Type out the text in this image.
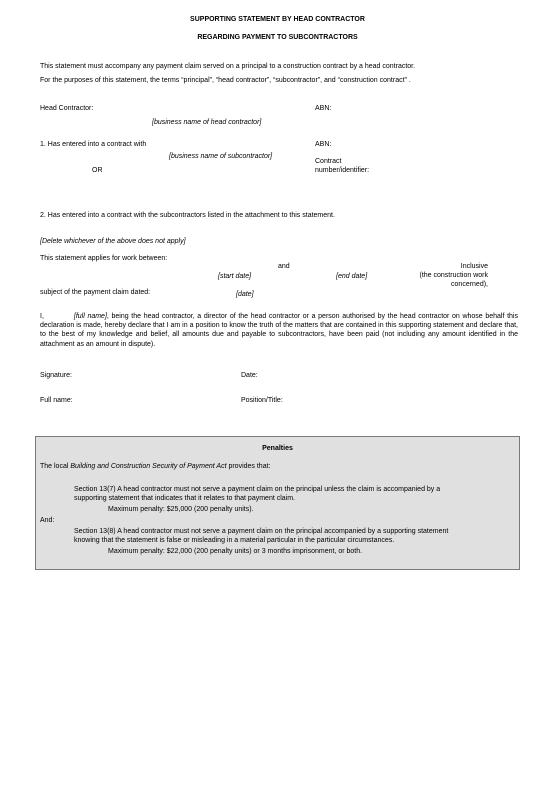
SUPPORTING STATEMENT BY HEAD CONTRACTOR
REGARDING PAYMENT TO SUBCONTRACTORS
This statement must accompany any payment claim served on a principal to a construction contract by a head contractor.
For the purposes of this statement, the terms “principal”, “head contractor”, “subcontractor”, and “construction contract” .
Head Contractor:	ABN:
[business name of head contractor]
1. Has entered into a contract with	ABN:
[business name of subcontractor]
Contract
number/identifier:
OR
2. Has entered into a contract with the subcontractors listed in the attachment to this statement.
[Delete whichever of the above does not apply]
This statement applies for work between:
and	Inclusive
[start date]	[end date]	(the construction work
concerned),
subject of the payment claim dated:	[date]
I,	[full name], being the head contractor, a director of the head contractor or a person authorised by the head contractor on whose behalf this declaration is made, hereby declare that I am in a position to know the truth of the matters that are contained in this supporting statement and declare that, to the best of my knowledge and belief, all amounts due and payable to subcontractors, have been paid (not including any amount identified in the attachment as an amount in dispute).
Signature:	Date:
Full name:	Position/Title:
Penalties
The local Building and Construction Security of Payment Act provides that:
Section 13(7) A head contractor must not serve a payment claim on the principal unless the claim is accompanied by a
supporting statement that indicates that it relates to that payment claim.
Maximum penalty: $25,000 (200 penalty units).
And:
Section 13(8) A head contractor must not serve a payment claim on the principal accompanied by a supporting statement
knowing that the statement is false or misleading in a material particular in the particular circumstances.
Maximum penalty: $22,000 (200 penalty units) or 3 months imprisonment, or both.
